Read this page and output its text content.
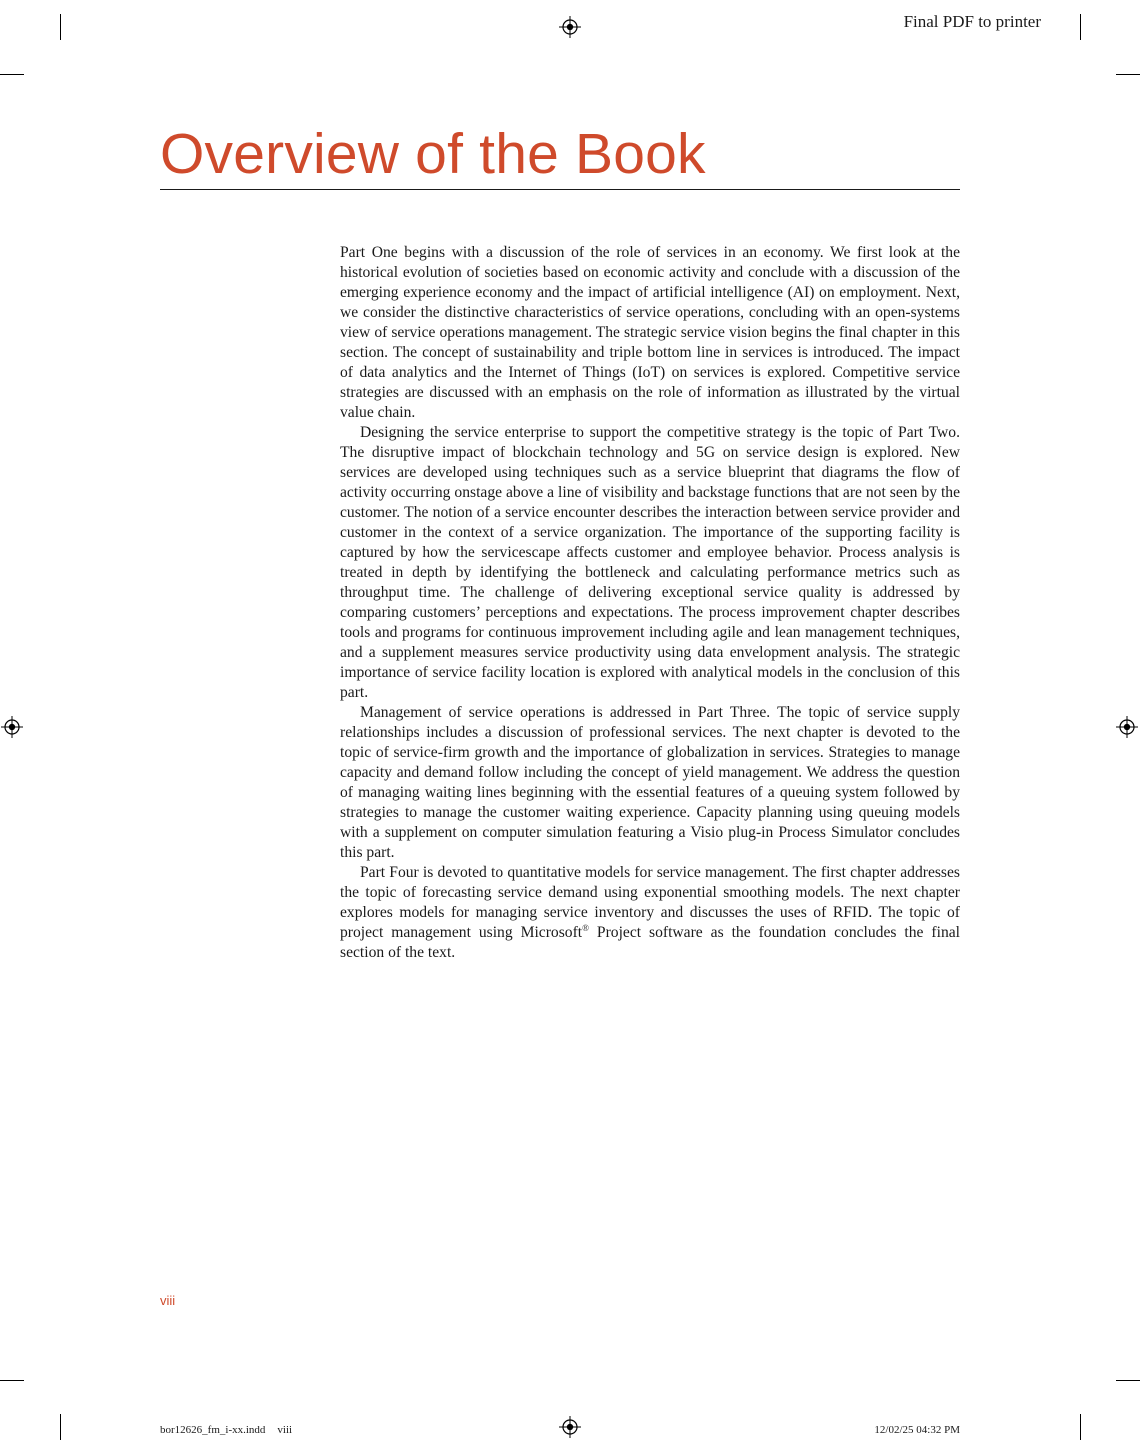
Final PDF to printer
Overview of the Book

Part One begins with a discussion of the role of services in an economy. We first look at the historical evolution of societies based on economic activity and conclude with a discussion of the emerging experience economy and the impact of artificial intelligence (AI) on employment. Next, we consider the distinctive characteristics of service operations, concluding with an open-systems view of service operations management. The strategic service vision begins the final chapter in this section. The concept of sustainability and triple bottom line in services is introduced. The impact of data analytics and the Internet of Things (IoT) on services is explored. Competitive service strategies are discussed with an emphasis on the role of information as illustrated by the virtual value chain.

Designing the service enterprise to support the competitive strategy is the topic of Part Two. The disruptive impact of blockchain technology and 5G on service design is explored. New services are developed using techniques such as a service blueprint that diagrams the flow of activity occurring onstage above a line of visibility and backstage functions that are not seen by the customer. The notion of a service encounter describes the interaction between service provider and customer in the context of a service organization. The importance of the supporting facility is captured by how the servicescape affects customer and employee behavior. Process analysis is treated in depth by identifying the bottleneck and calculating performance metrics such as throughput time. The challenge of delivering exceptional service quality is addressed by comparing customers’ perceptions and expectations. The process improvement chapter describes tools and programs for continuous improvement including agile and lean management techniques, and a supplement measures service productivity using data envelopment analysis. The strategic importance of service facility location is explored with analytical models in the conclusion of this part.

Management of service operations is addressed in Part Three. The topic of service supply relationships includes a discussion of professional services. The next chapter is devoted to the topic of service-firm growth and the importance of globalization in services. Strategies to manage capacity and demand follow including the concept of yield management. We address the question of managing waiting lines beginning with the essential features of a queuing system followed by strategies to manage the customer waiting experience. Capacity planning using queuing models with a supplement on computer simulation featuring a Visio plug-in Process Simulator concludes this part.

Part Four is devoted to quantitative models for service management. The first chapter addresses the topic of forecasting service demand using exponential smoothing models. The next chapter explores models for managing service inventory and discusses the uses of RFID. The topic of project management using Microsoft® Project software as the foundation concludes the final section of the text.

viii
bor12626_fm_i-xx.indd viii	12/02/25 04:32 PM
